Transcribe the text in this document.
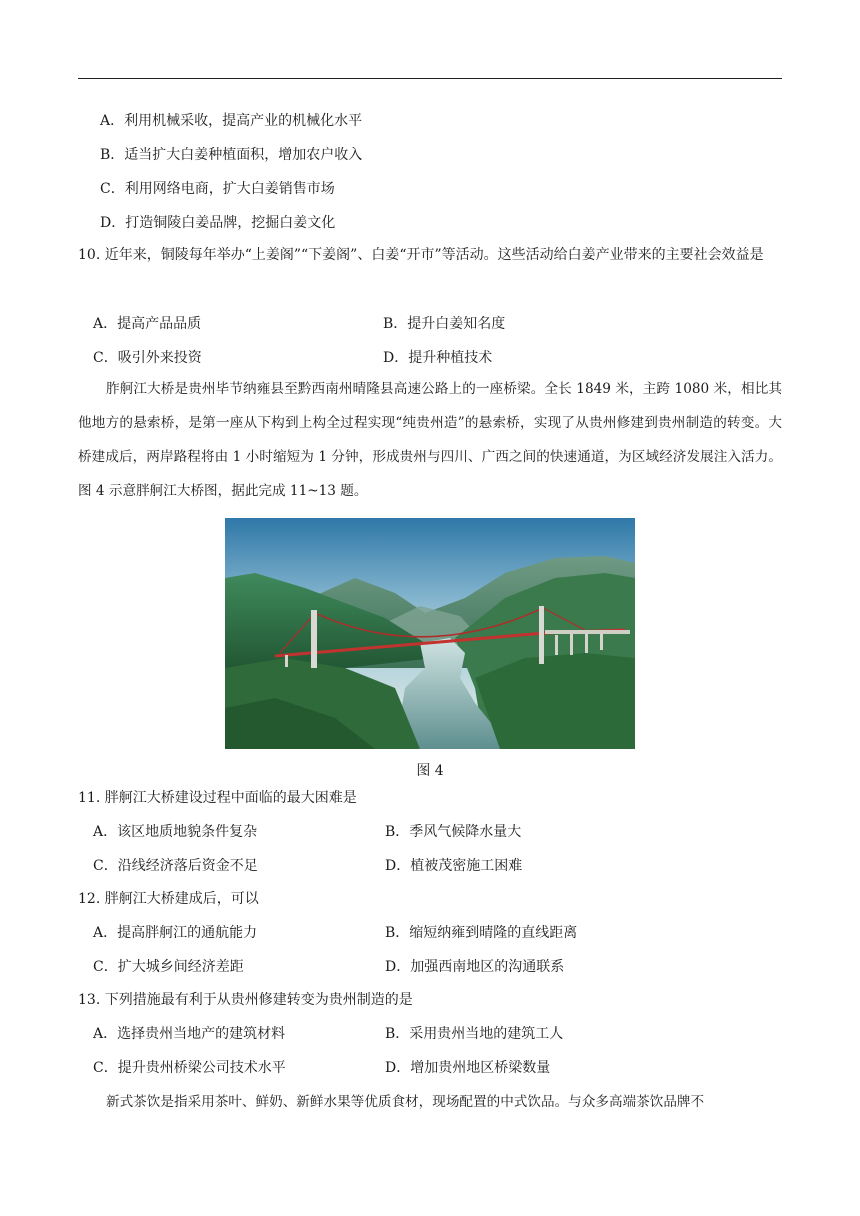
A．利用机械采收，提高产业的机械化水平
B．适当扩大白姜种植面积，增加农户收入
C．利用网络电商，扩大白姜销售市场
D．打造铜陵白姜品牌，挖掘白姜文化
10. 近年来，铜陵每年举办“上姜阁”“下姜阁”、白姜“开市”等活动。这些活动给白姜产业带来的主要社会效益是
A．提高产品品质	B．提升白姜知名度
C．吸引外来投资	D．提升种植技术
胙舸江大桥是贵州毕节纳雍县至黔西南州晴隆县高速公路上的一座桥梁。全长 1849 米，主跨 1080 米，相比其他地方的悬索桥，是第一座从下构到上构全过程实现“纯贵州造”的悬索桥，实现了从贵州修建到贵州制造的转变。大桥建成后，两岸路程将由 1 小时缩短为 1 分钟，形成贵州与四川、广西之间的快速通道，为区域经济发展注入活力。图 4 示意胖舸江大桥图，据此完成 11~13 题。
图 4
11. 胖舸江大桥建设过程中面临的最大困难是
A．该区地质地貌条件复杂	B．季风气候降水量大
C．沿线经济落后资金不足	D．植被茂密施工困难
12. 胖舸江大桥建成后，可以
A．提高胖舸江的通航能力	B．缩短纳雍到晴隆的直线距离
C．扩大城乡间经济差距	D．加强西南地区的沟通联系
13. 下列措施最有利于从贵州修建转变为贵州制造的是
A．选择贵州当地产的建筑材料	B．采用贵州当地的建筑工人
C．提升贵州桥梁公司技术水平	D．增加贵州地区桥梁数量
新式茶饮是指采用茶叶、鲜奶、新鲜水果等优质食材，现场配置的中式饮品。与众多高端茶饮品牌不
